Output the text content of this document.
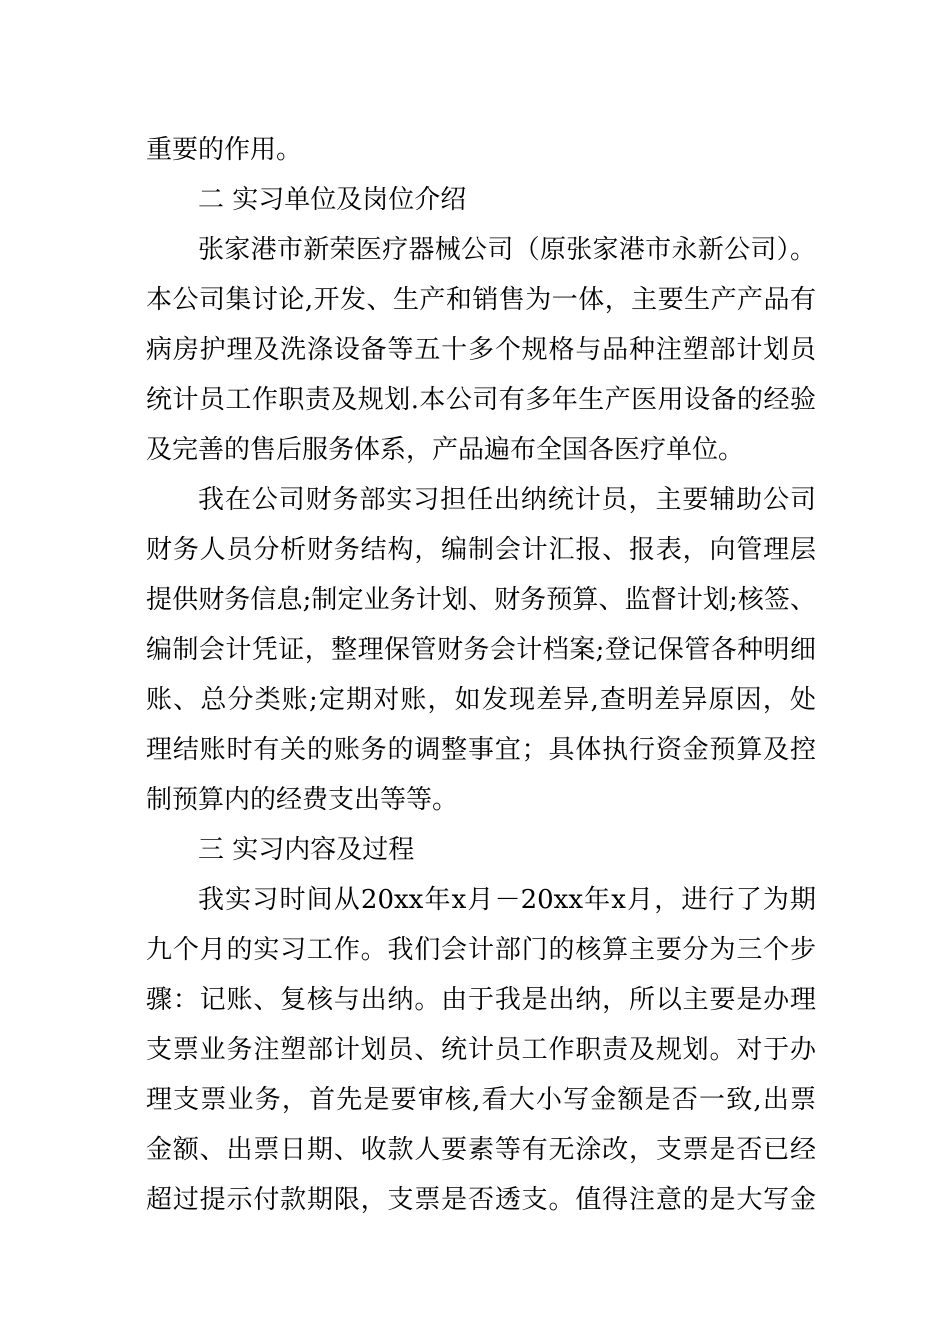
重要的作用。
二 实习单位及岗位介绍
张家港市新荣医疗器械公司（原张家港市永新公司）。
本公司集讨论,开发、生产和销售为一体，主要生产产品有
病房护理及洗涤设备等五十多个规格与品种注塑部计划员
统计员工作职责及规划.本公司有多年生产医用设备的经验
及完善的售后服务体系，产品遍布全国各医疗单位。
我在公司财务部实习担任出纳统计员，主要辅助公司
财务人员分析财务结构，编制会计汇报、报表，向管理层
提供财务信息;制定业务计划、财务预算、监督计划;核签、
编制会计凭证，整理保管财务会计档案;登记保管各种明细
账、总分类账;定期对账，如发现差异,查明差异原因，处
理结账时有关的账务的调整事宜；具体执行资金预算及控
制预算内的经费支出等等。
三 实习内容及过程
我实习时间从20xx年x月－20xx年x月，进行了为期
九个月的实习工作。我们会计部门的核算主要分为三个步
骤：记账、复核与出纳。由于我是出纳，所以主要是办理
支票业务注塑部计划员、统计员工作职责及规划。对于办
理支票业务，首先是要审核,看大小写金额是否一致,出票
金额、出票日期、收款人要素等有无涂改，支票是否已经
超过提示付款期限，支票是否透支。值得注意的是大写金
